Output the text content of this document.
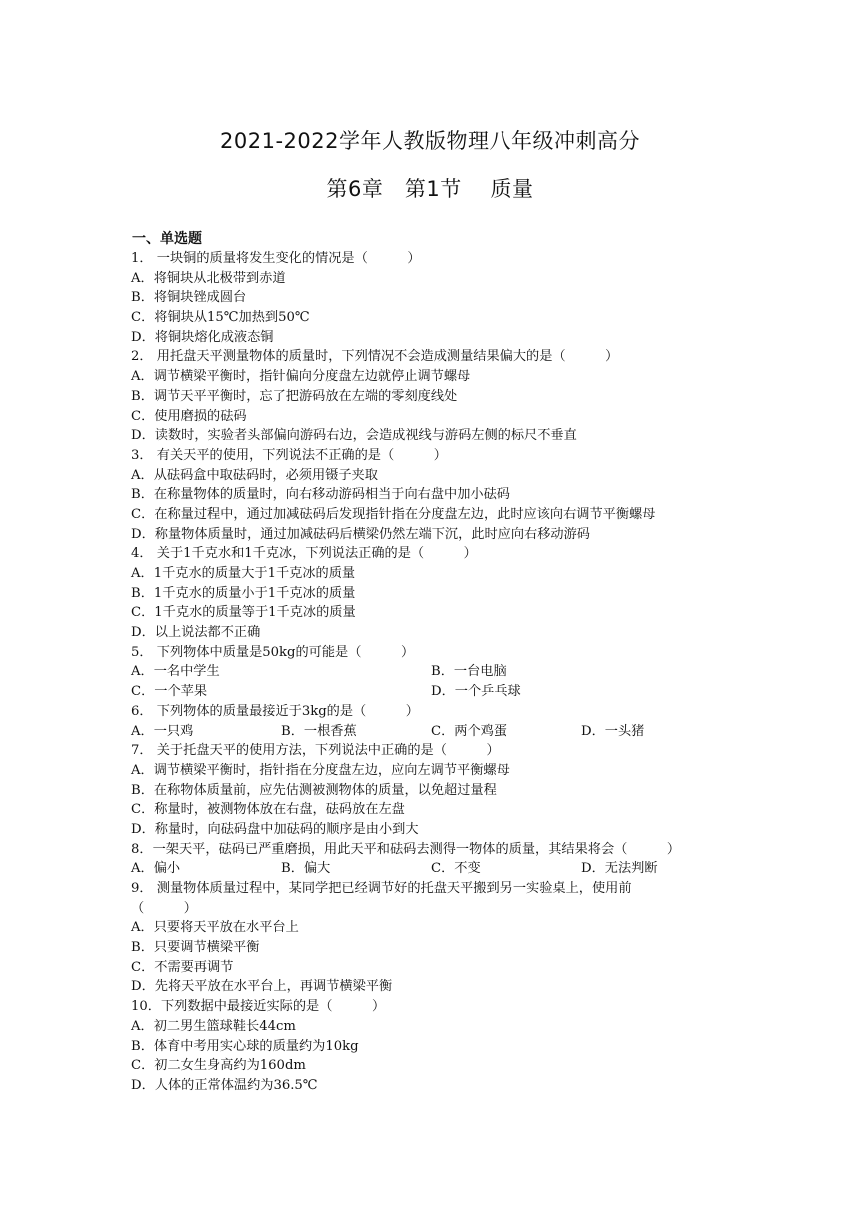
2021-2022学年人教版物理八年级冲刺高分
第6章　第1节　 质量
一、单选题
1． 一块铜的质量将发生变化的情况是（　　　）
A．将铜块从北极带到赤道
B．将铜块锉成圆台
C．将铜块从15℃加热到50℃
D．将铜块熔化成液态铜
2． 用托盘天平测量物体的质量时，下列情况不会造成测量结果偏大的是（　　　）
A．调节横梁平衡时，指针偏向分度盘左边就停止调节螺母
B．调节天平平衡时，忘了把游码放在左端的零刻度线处
C．使用磨损的砝码
D．读数时，实验者头部偏向游码右边，会造成视线与游码左侧的标尺不垂直
3． 有关天平的使用，下列说法不正确的是（　　　）
A．从砝码盒中取砝码时，必须用镊子夹取
B．在称量物体的质量时，向右移动游码相当于向右盘中加小砝码
C．在称量过程中，通过加减砝码后发现指针指在分度盘左边，此时应该向右调节平衡螺母
D．称量物体质量时，通过加减砝码后横梁仍然左端下沉，此时应向右移动游码
4． 关于1千克水和1千克冰，下列说法正确的是（　　　）
A．1千克水的质量大于1千克冰的质量
B．1千克水的质量小于1千克冰的质量
C．1千克水的质量等于1千克冰的质量
D．以上说法都不正确
5． 下列物体中质量是50kg的可能是（　　　）
A．一名中学生	B．一台电脑
C．一个苹果	D．一个乒乓球
6． 下列物体的质量最接近于3kg的是（　　　）
A．一只鸡	B．一根香蕉	C．两个鸡蛋	D．一头猪
7． 关于托盘天平的使用方法，下列说法中正确的是（　　　）
A．调节横梁平衡时，指针指在分度盘左边，应向左调节平衡螺母
B．在称物体质量前，应先估测被测物体的质量，以免超过量程
C．称量时，被测物体放在右盘，砝码放在左盘
D．称量时，向砝码盘中加砝码的顺序是由小到大
8．一架天平，砝码已严重磨损，用此天平和砝码去测得一物体的质量，其结果将会（　　　）
A．偏小	B．偏大	C．不变	D．无法判断
9． 测量物体质量过程中，某同学把已经调节好的托盘天平搬到另一实验桌上，使用前
（　　　）
A．只要将天平放在水平台上
B．只要调节横梁平衡
C．不需要再调节
D．先将天平放在水平台上，再调节横梁平衡
10．下列数据中最接近实际的是（　　　）
A．初二男生篮球鞋长44cm
B．体育中考用实心球的质量约为10kg
C．初二女生身高约为160dm
D．人体的正常体温约为36.5℃
